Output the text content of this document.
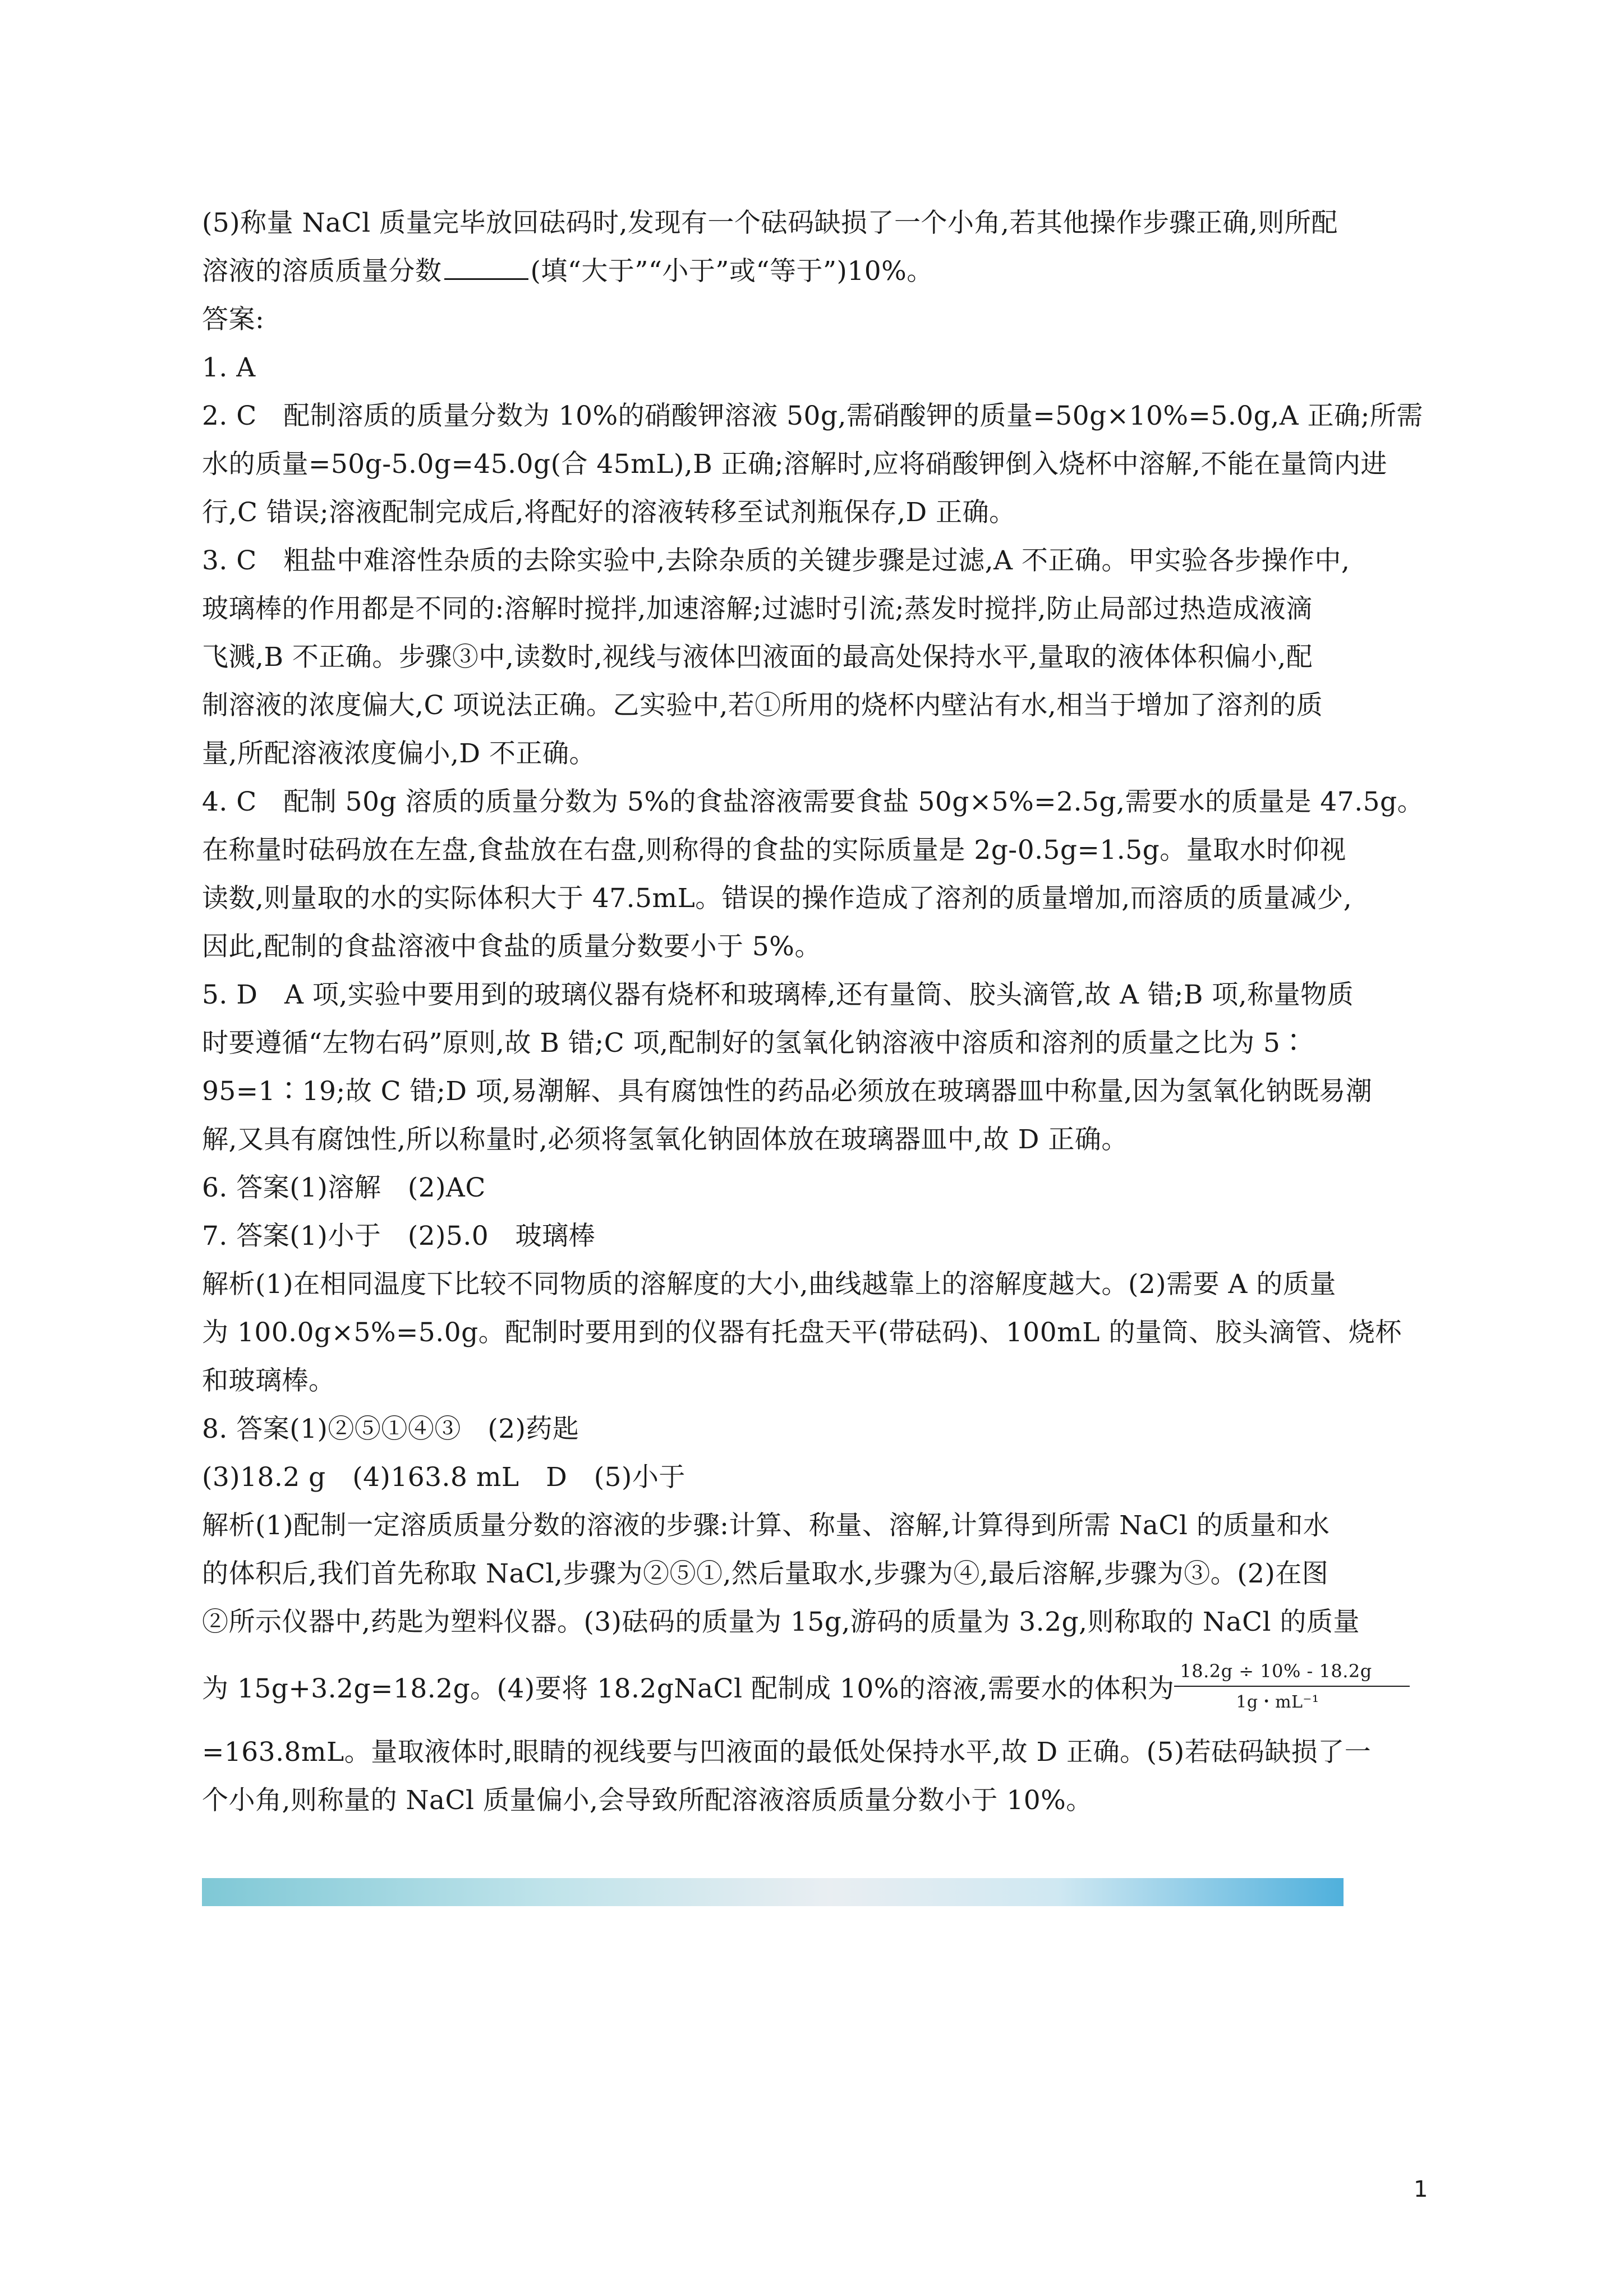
(5)称量 NaCl 质量完毕放回砝码时,发现有一个砝码缺损了一个小角,若其他操作步骤正确,则所配
溶液的溶质质量分数	(填“大于”“小于”或“等于”)10%。
答案:
1. A
2. C　配制溶质的质量分数为 10%的硝酸钾溶液 50g,需硝酸钾的质量=50g×10%=5.0g,A 正确;所需
水的质量=50g-5.0g=45.0g(合 45mL),B 正确;溶解时,应将硝酸钾倒入烧杯中溶解,不能在量筒内进
行,C 错误;溶液配制完成后,将配好的溶液转移至试剂瓶保存,D 正确。
3. C　粗盐中难溶性杂质的去除实验中,去除杂质的关键步骤是过滤,A 不正确。甲实验各步操作中,
玻璃棒的作用都是不同的:溶解时搅拌,加速溶解;过滤时引流;蒸发时搅拌,防止局部过热造成液滴
飞溅,B 不正确。步骤③中,读数时,视线与液体凹液面的最高处保持水平,量取的液体体积偏小,配
制溶液的浓度偏大,C 项说法正确。乙实验中,若①所用的烧杯内壁沾有水,相当于增加了溶剂的质
量,所配溶液浓度偏小,D 不正确。
4. C　配制 50g 溶质的质量分数为 5%的食盐溶液需要食盐 50g×5%=2.5g,需要水的质量是 47.5g。
在称量时砝码放在左盘,食盐放在右盘,则称得的食盐的实际质量是 2g-0.5g=1.5g。量取水时仰视
读数,则量取的水的实际体积大于 47.5mL。错误的操作造成了溶剂的质量增加,而溶质的质量减少,
因此,配制的食盐溶液中食盐的质量分数要小于 5%。
5. D　A 项,实验中要用到的玻璃仪器有烧杯和玻璃棒,还有量筒、胶头滴管,故 A 错;B 项,称量物质
时要遵循“左物右码”原则,故 B 错;C 项,配制好的氢氧化钠溶液中溶质和溶剂的质量之比为 5∶
95=1∶19;故 C 错;D 项,易潮解、具有腐蚀性的药品必须放在玻璃器皿中称量,因为氢氧化钠既易潮
解,又具有腐蚀性,所以称量时,必须将氢氧化钠固体放在玻璃器皿中,故 D 正确。
6. 答案(1)溶解　(2)AC
7. 答案(1)小于　(2)5.0　玻璃棒
解析(1)在相同温度下比较不同物质的溶解度的大小,曲线越靠上的溶解度越大。(2)需要 A 的质量
为 100.0g×5%=5.0g。配制时要用到的仪器有托盘天平(带砝码)、100mL 的量筒、胶头滴管、烧杯
和玻璃棒。
8. 答案(1)②⑤①④③　(2)药匙
(3)18.2 g　(4)163.8 mL　D　(5)小于
解析(1)配制一定溶质质量分数的溶液的步骤:计算、称量、溶解,计算得到所需 NaCl 的质量和水
的体积后,我们首先称取 NaCl,步骤为②⑤①,然后量取水,步骤为④,最后溶解,步骤为③。(2)在图
②所示仪器中,药匙为塑料仪器。(3)砝码的质量为 15g,游码的质量为 3.2g,则称取的 NaCl 的质量
为 15g+3.2g=18.2g。(4)要将 18.2gNaCl 配制成 10%的溶液,需要水的体积为 $\frac{18.2g \div 10\% - 18.2g}{\text{1g・mL⁻¹}}$
=163.8mL。量取液体时,眼睛的视线要与凹液面的最低处保持水平,故 D 正确。(5)若砝码缺损了一
个小角,则称量的 NaCl 质量偏小,会导致所配溶液溶质质量分数小于 10%。
1
